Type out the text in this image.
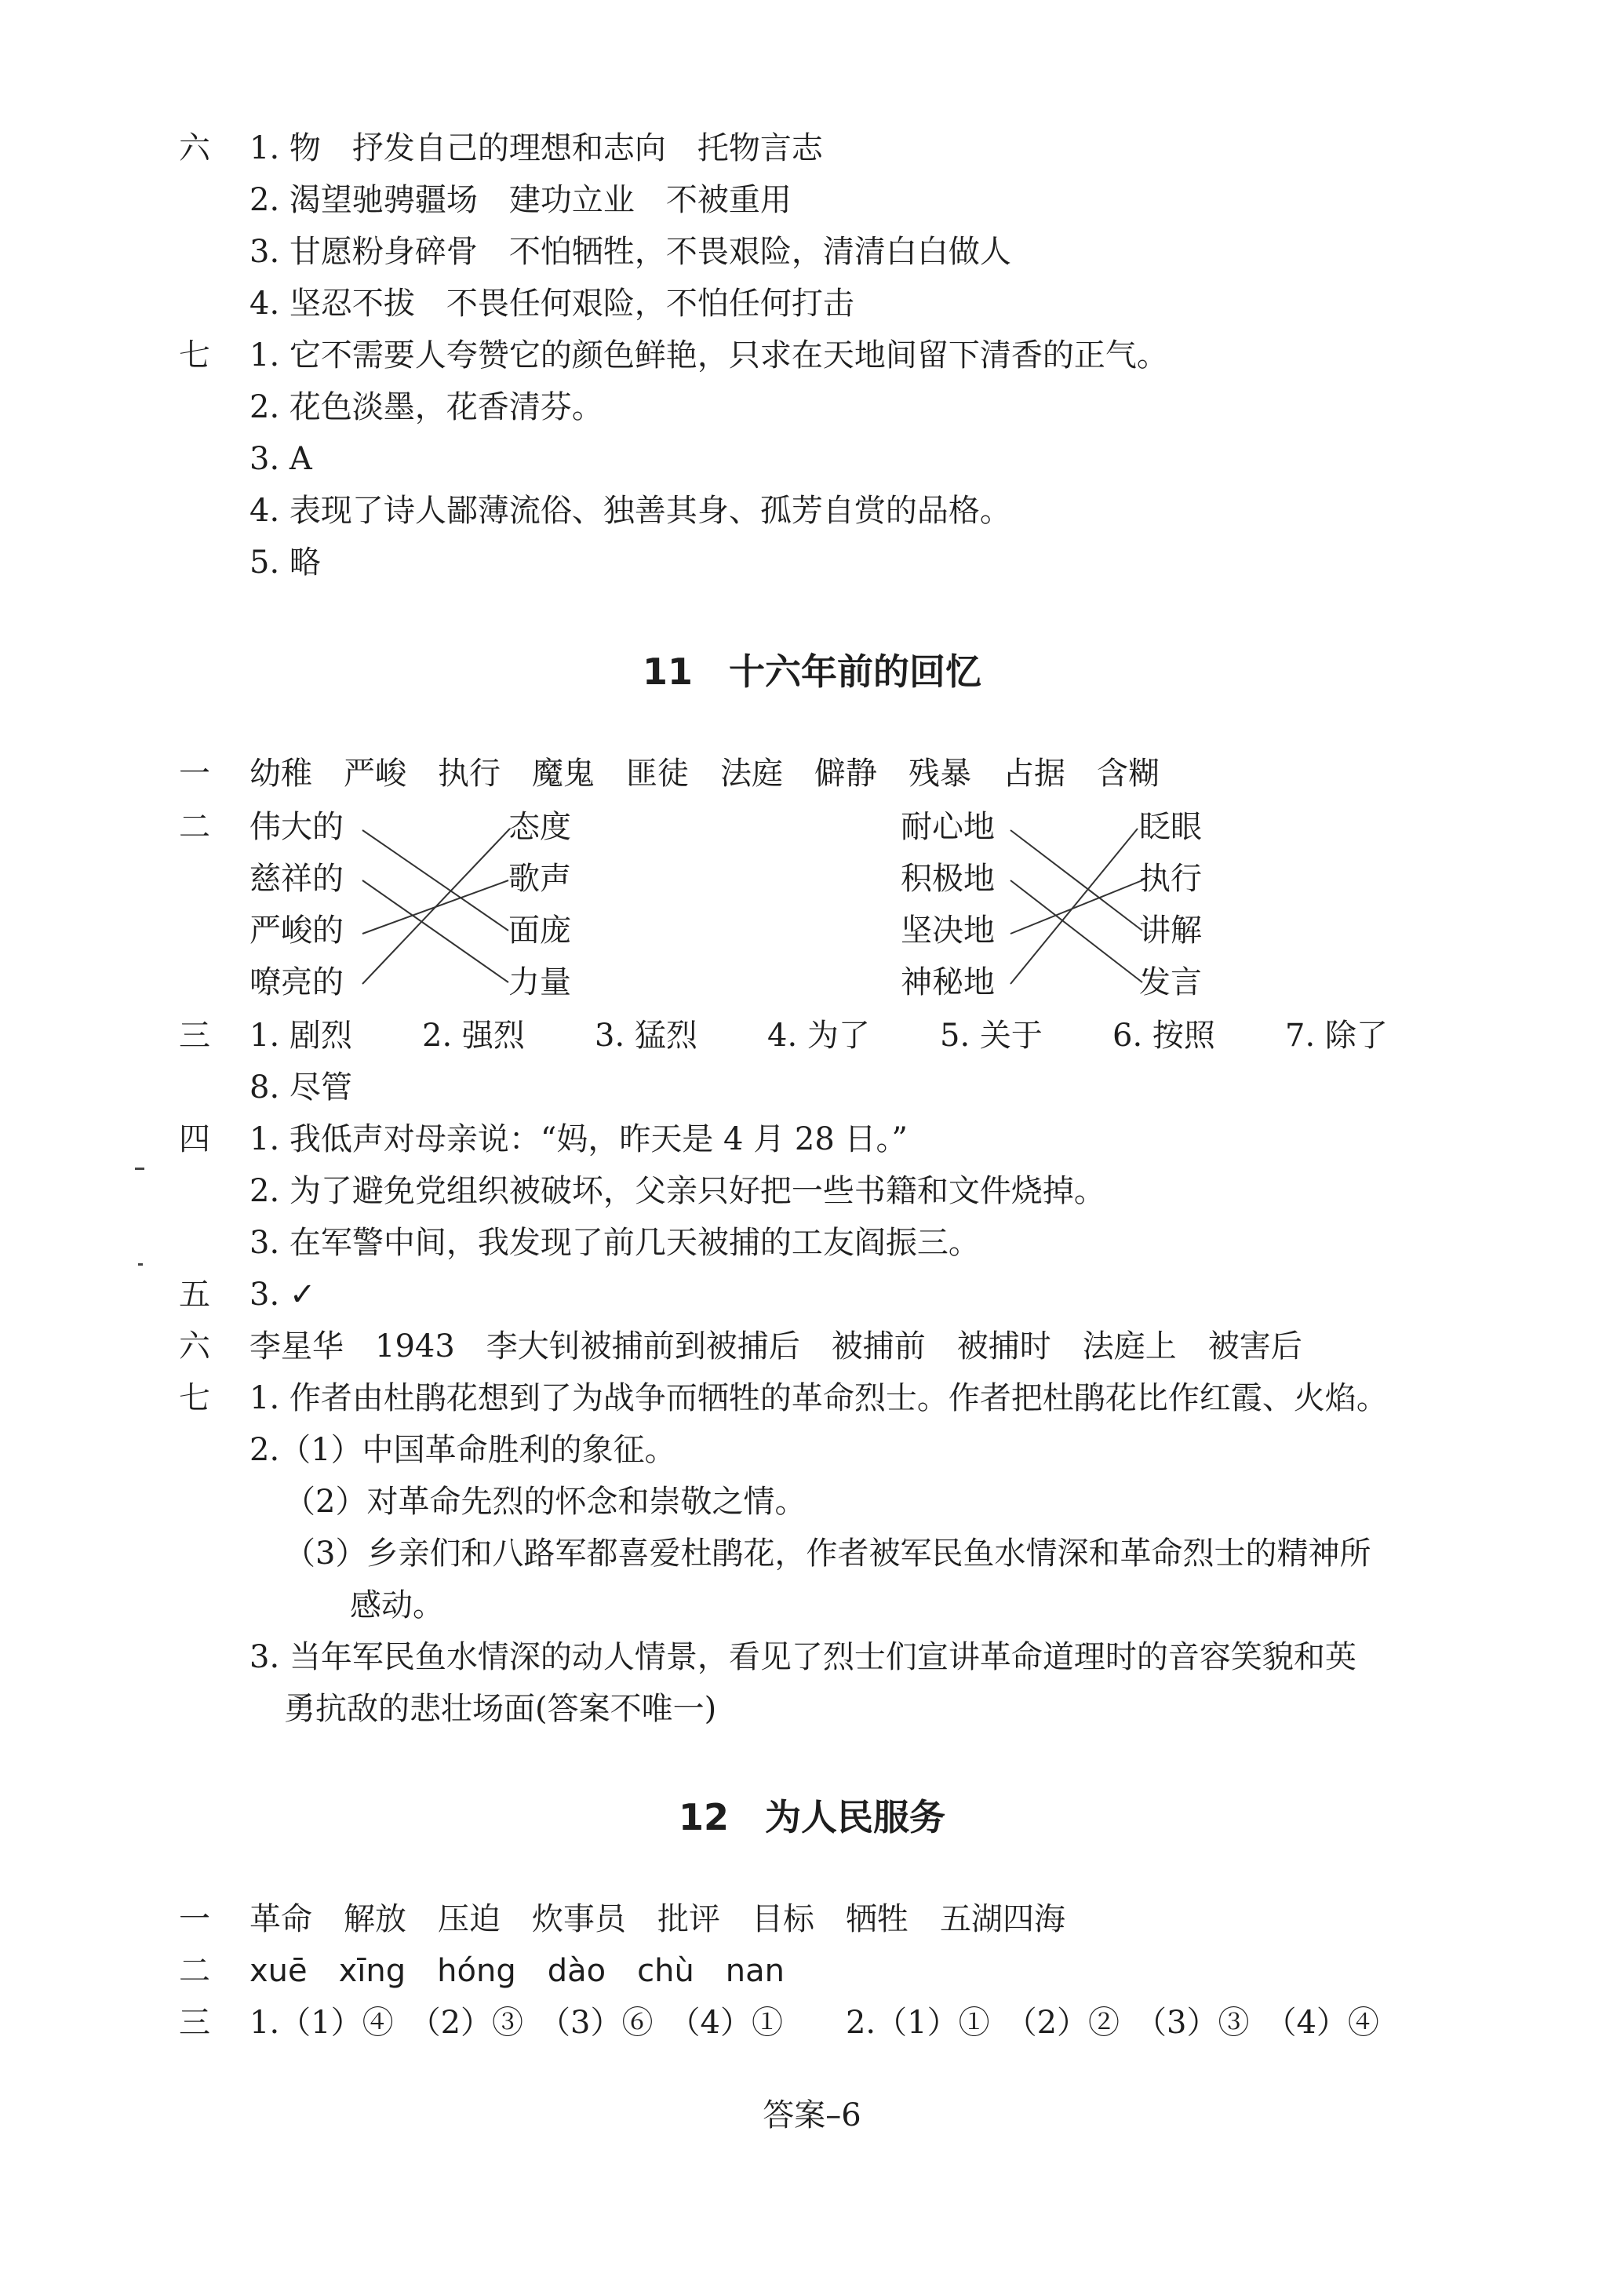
六 1. 物　抒发自己的理想和志向　托物言志
2. 渴望驰骋疆场　建功立业　不被重用
3. 甘愿粉身碎骨　不怕牺牲，不畏艰险，清清白白做人
4. 坚忍不拔　不畏任何艰险，不怕任何打击
七 1. 它不需要人夸赞它的颜色鲜艳，只求在天地间留下清香的正气。
2. 花色淡墨，花香清芬。
3. A
4. 表现了诗人鄙薄流俗、独善其身、孤芳自赏的品格。
5. 略
11　十六年前的回忆
一 幼稚　严峻　执行　魔鬼　匪徒　法庭　僻静　残暴　占据　含糊
二 伟大的
慈祥的
严峻的
嘹亮的
态度
歌声
面庞
力量
耐心地
积极地
坚决地
神秘地
眨眼
执行
讲解
发言
三 1. 剧烈 2. 强烈 3. 猛烈 4. 为了 5. 关于 6. 按照 7. 除了
8. 尽管
四 1. 我低声对母亲说：“妈，昨天是 4 月 28 日。”
2. 为了避免党组织被破坏，父亲只好把一些书籍和文件烧掉。
3. 在军警中间，我发现了前几天被捕的工友阎振三。
五 3. ✓
六 李星华　1943　李大钊被捕前到被捕后　被捕前　被捕时　法庭上　被害后
七 1. 作者由杜鹃花想到了为战争而牺牲的革命烈士。作者把杜鹃花比作红霞、火焰。
2.（1）中国革命胜利的象征。
（2）对革命先烈的怀念和崇敬之情。
（3）乡亲们和八路军都喜爱杜鹃花，作者被军民鱼水情深和革命烈士的精神所
感动。
3. 当年军民鱼水情深的动人情景，看见了烈士们宣讲革命道理时的音容笑貌和英
勇抗敌的悲壮场面(答案不唯一)
12　为人民服务
一 革命　解放　压迫　炊事员　批评　目标　牺牲　五湖四海
二 xuē　xīng　hóng　dào　chù　nan
三 1.（1）④　（2）③　（3）⑥　（4）①　　2.（1）①　（2）②　（3）③　（4）④
答案–6
